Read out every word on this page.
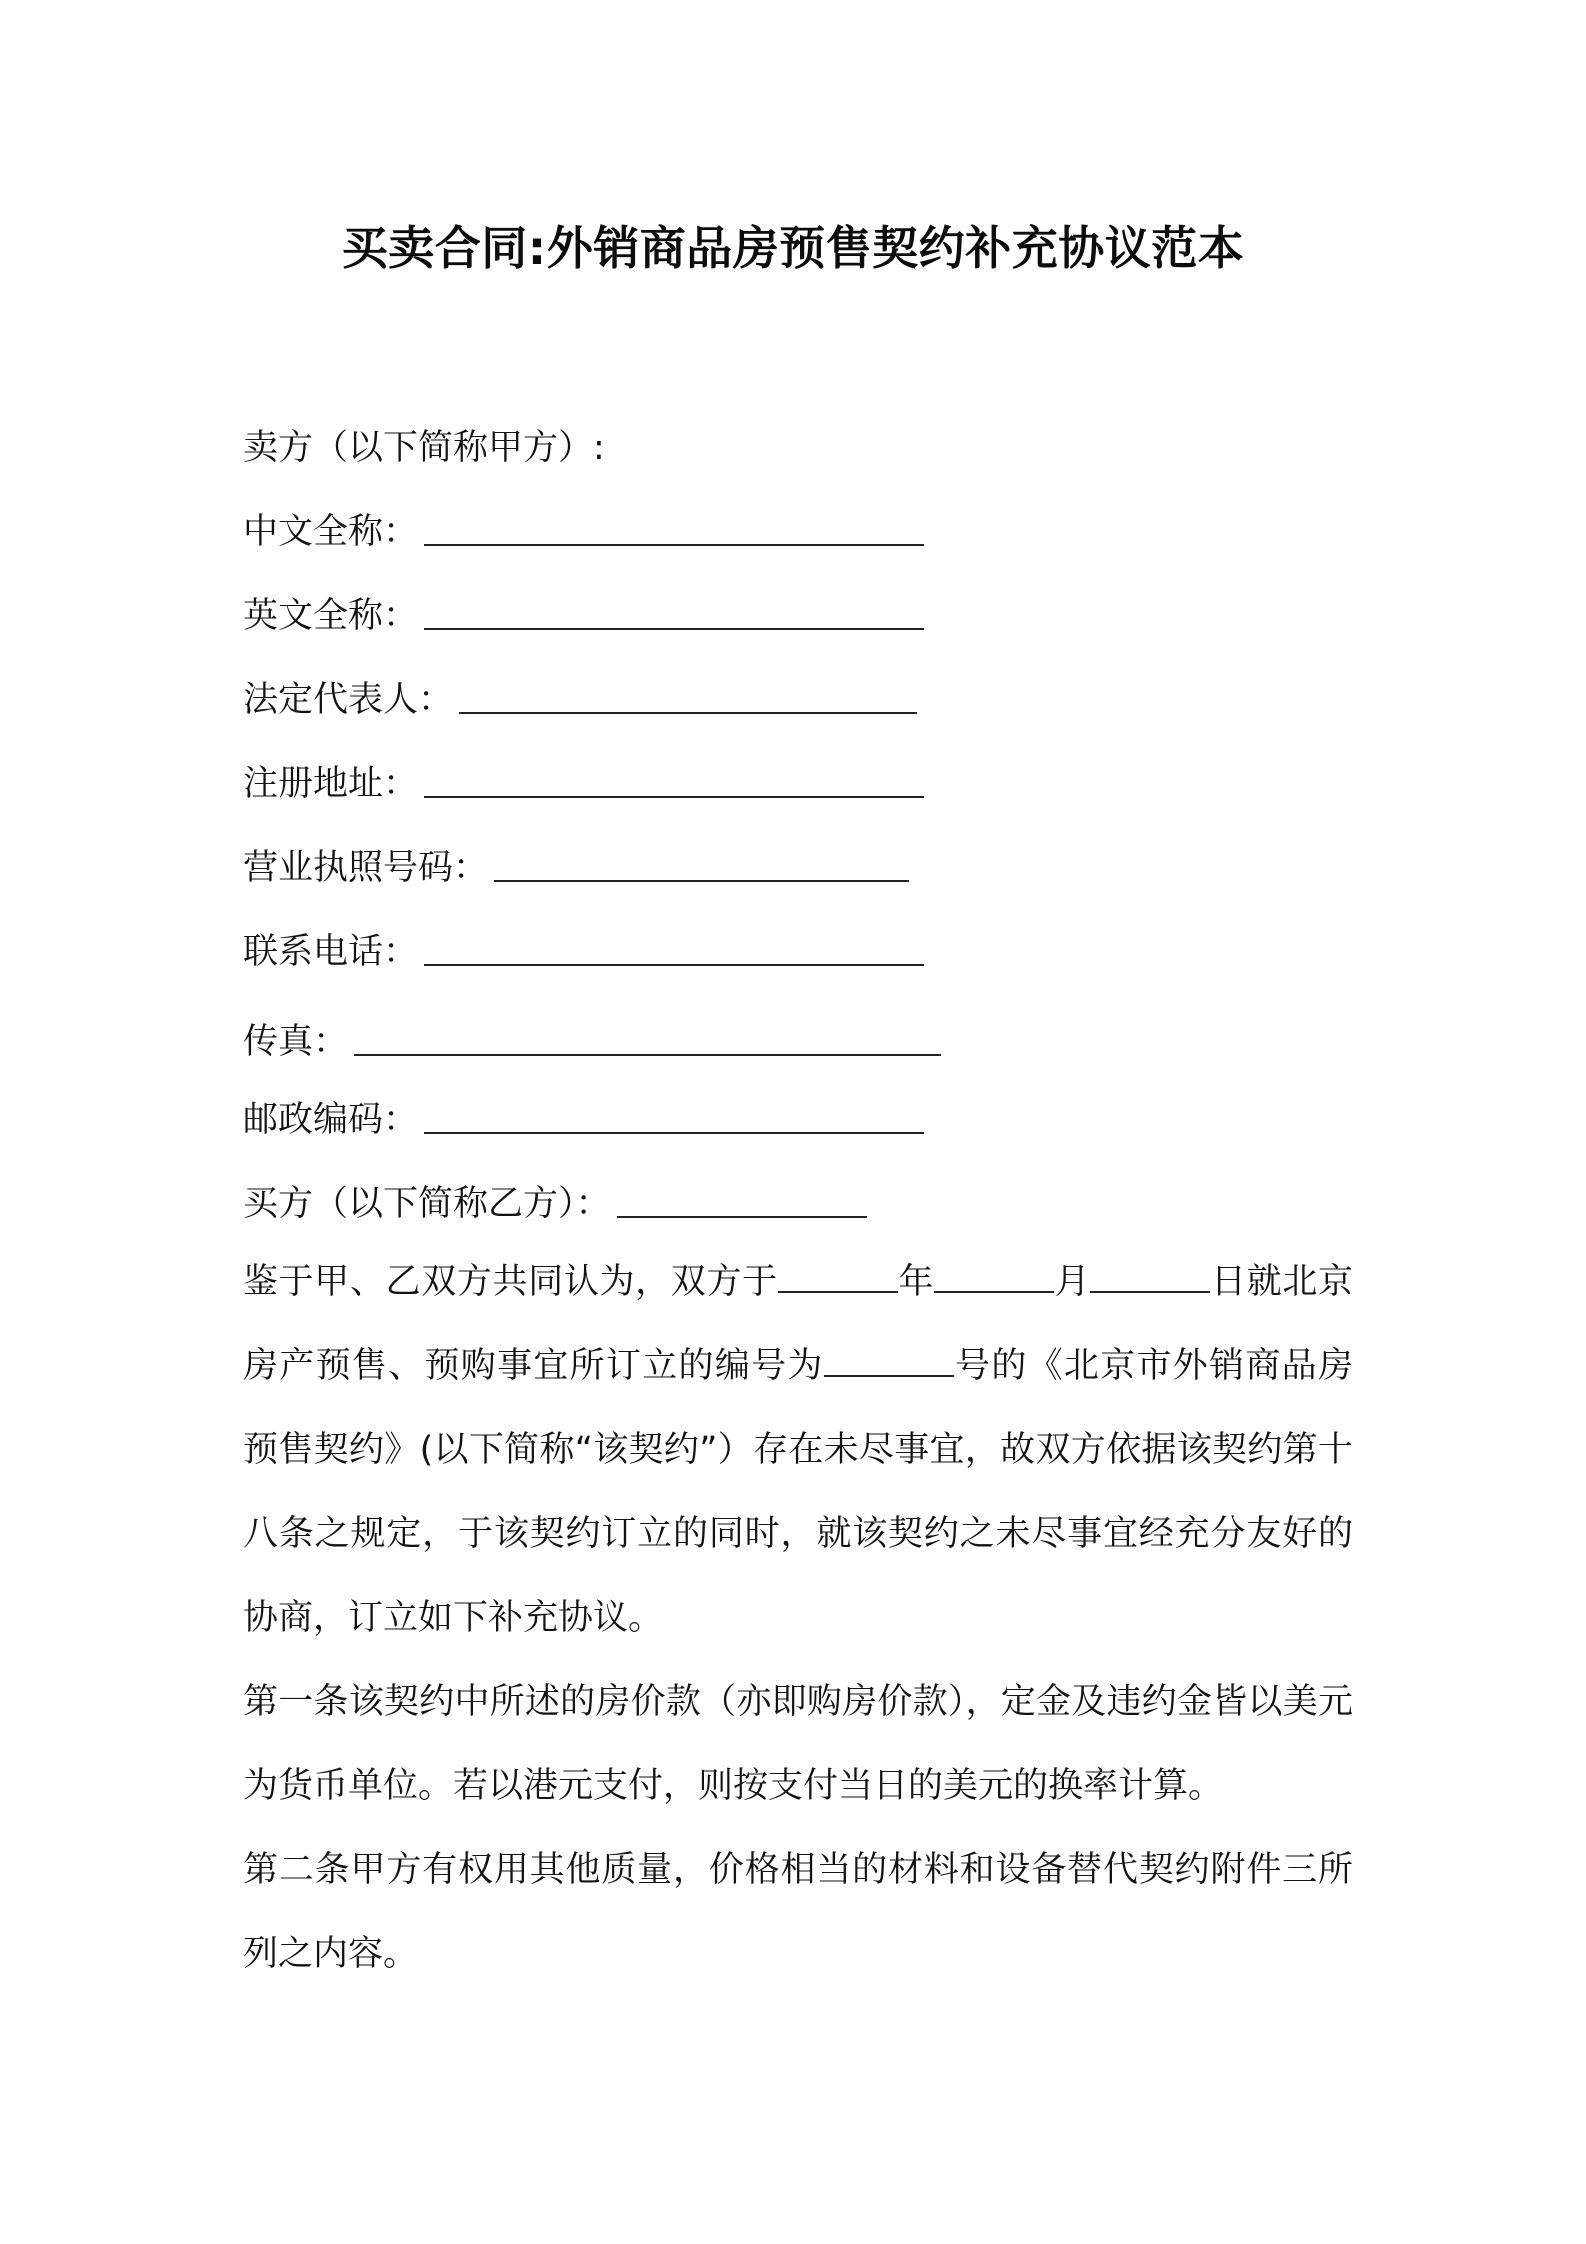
买卖合同:外销商品房预售契约补充协议范本
卖方（以下简称甲方）:
中文全称：
英文全称：
法定代表人：
注册地址：
营业执照号码：
联系电话：
传真：
邮政编码：
买方（以下简称乙方）：

鉴于甲、乙双方共同认为，双方于	年	月	日就北京房产预售、预购事宜所订立的编号为	号的《北京市外销商品房预售契约》(以下简称“该契约”）存在未尽事宜，故双方依据该契约第十八条之规定，于该契约订立的同时，就该契约之未尽事宜经充分友好的协商，订立如下补充协议。

第一条该契约中所述的房价款（亦即购房价款），定金及违约金皆以美元为货币单位。若以港元支付，则按支付当日的美元的换率计算。

第二条甲方有权用其他质量，价格相当的材料和设备替代契约附件三所列之内容。
